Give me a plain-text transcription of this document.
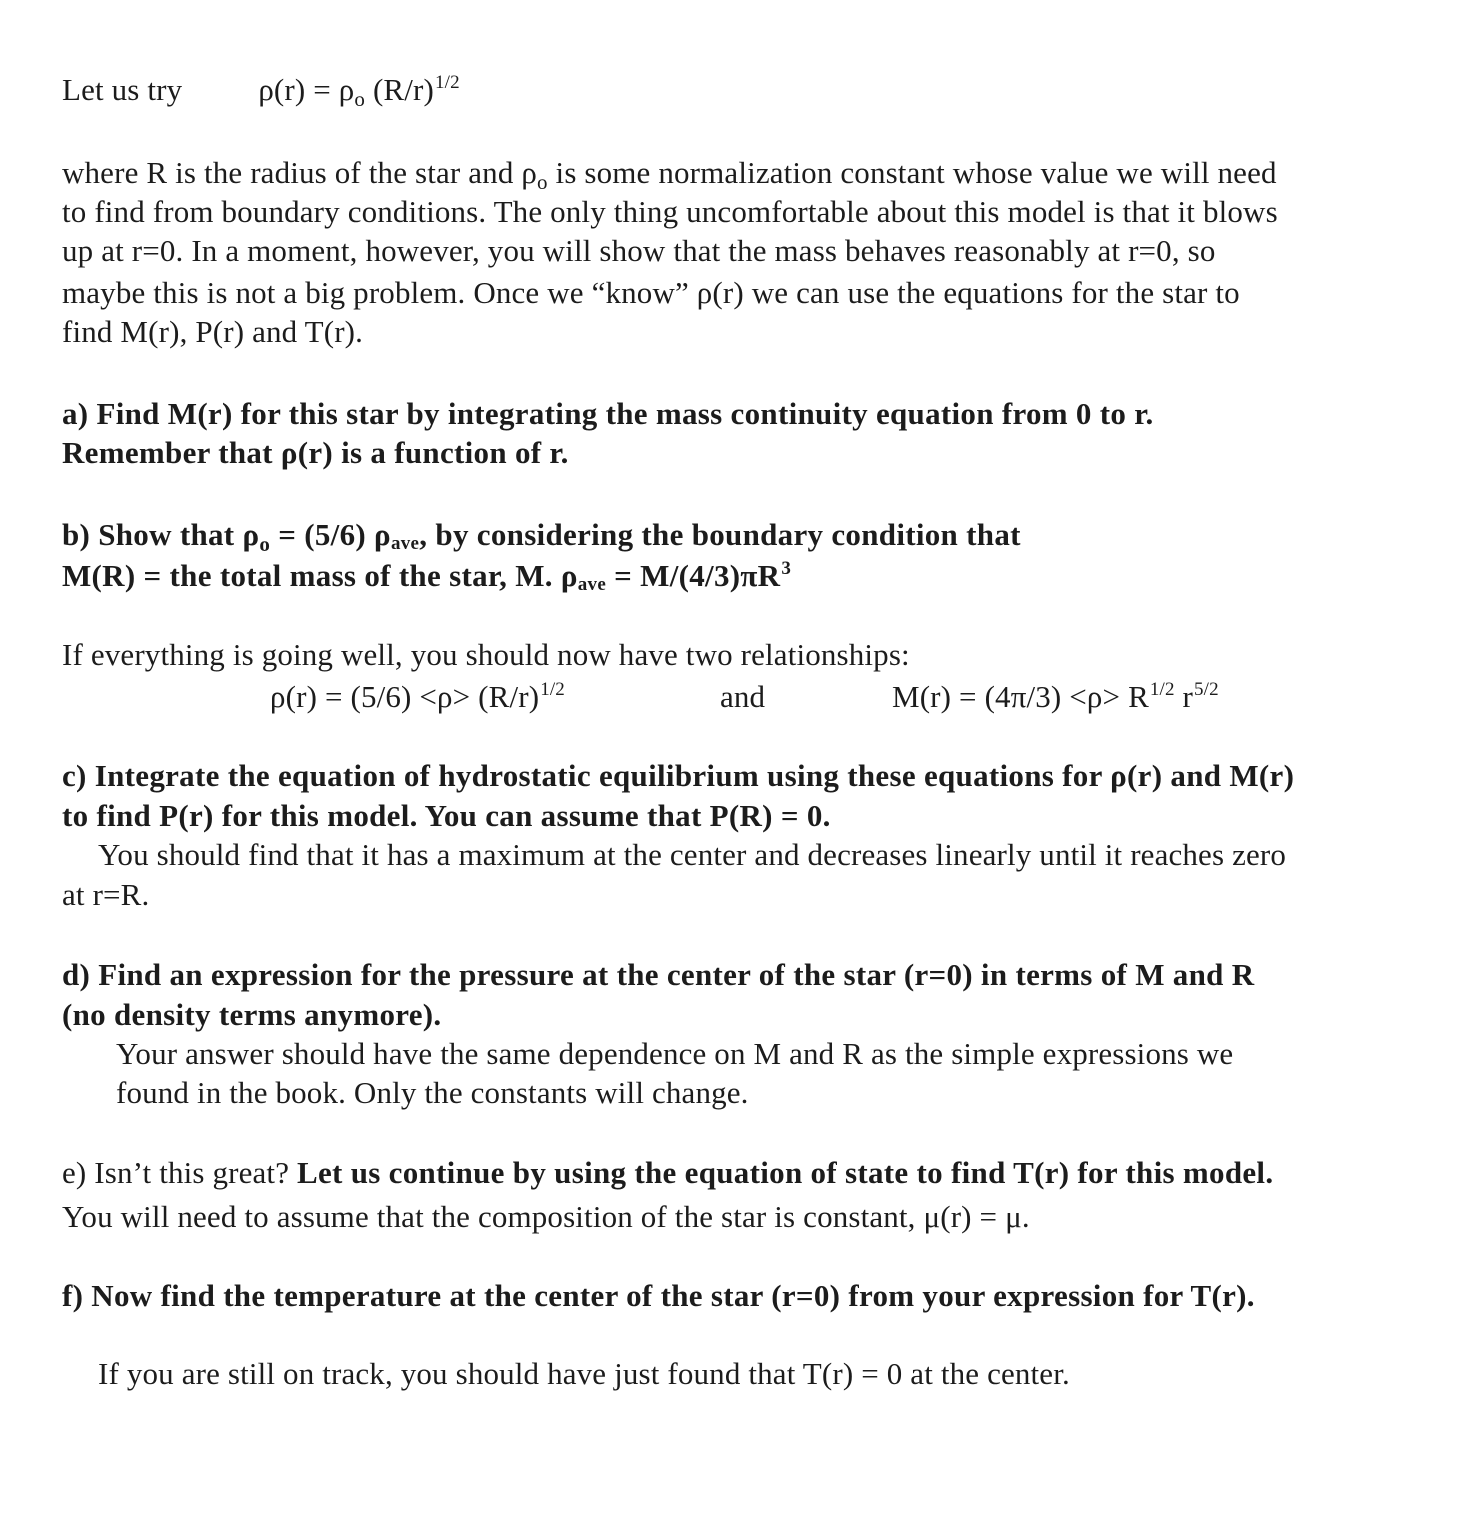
Let us try $\rho(r) = \rho_o$ $(R/r)^{1/2}$
where R is the radius of the star and $\rho_o$ is some normalization constant whose value we will need
to find from boundary conditions. The only thing uncomfortable about this model is that it blows
up at r=0. In a moment, however, you will show that the mass behaves reasonably at r=0, so
maybe this is not a big problem. Once we “know” ρ(r) we can use the equations for the star to
find M(r), P(r) and T(r).
a) Find M(r) for this star by integrating the mass continuity equation from 0 to r.
Remember that ρ(r) is a function of r.
b) Show that $\rho_o = (5/6)$ ρave, by considering the boundary condition that
M(R) = the total mass of the star, M. $\rho ave = M/(4/3)\pi R^3$
If everything is going well, you should now have two relationships:
$\rho(r) = (5/6) <\rho> (R/r)^{1/2}$	and	$M(r) = (4\pi/3) <\rho> R^{1/2}$ $r^{5/2}$
c) Integrate the equation of hydrostatic equilibrium using these equations for ρ(r) and M(r)
to find P(r) for this model. You can assume that P(R) = 0.
You should find that it has a maximum at the center and decreases linearly until it reaches zero
at r=R.
d) Find an expression for the pressure at the center of the star (r=0) in terms of M and R
(no density terms anymore).
Your answer should have the same dependence on M and R as the simple expressions we
found in the book. Only the constants will change.
e) Isn’t this great? Let us continue by using the equation of state to find T(r) for this model.
You will need to assume that the composition of the star is constant, μ(r) = μ.
f) Now find the temperature at the center of the star (r=0) from your expression for T(r).
If you are still on track, you should have just found that T(r) = 0 at the center.
